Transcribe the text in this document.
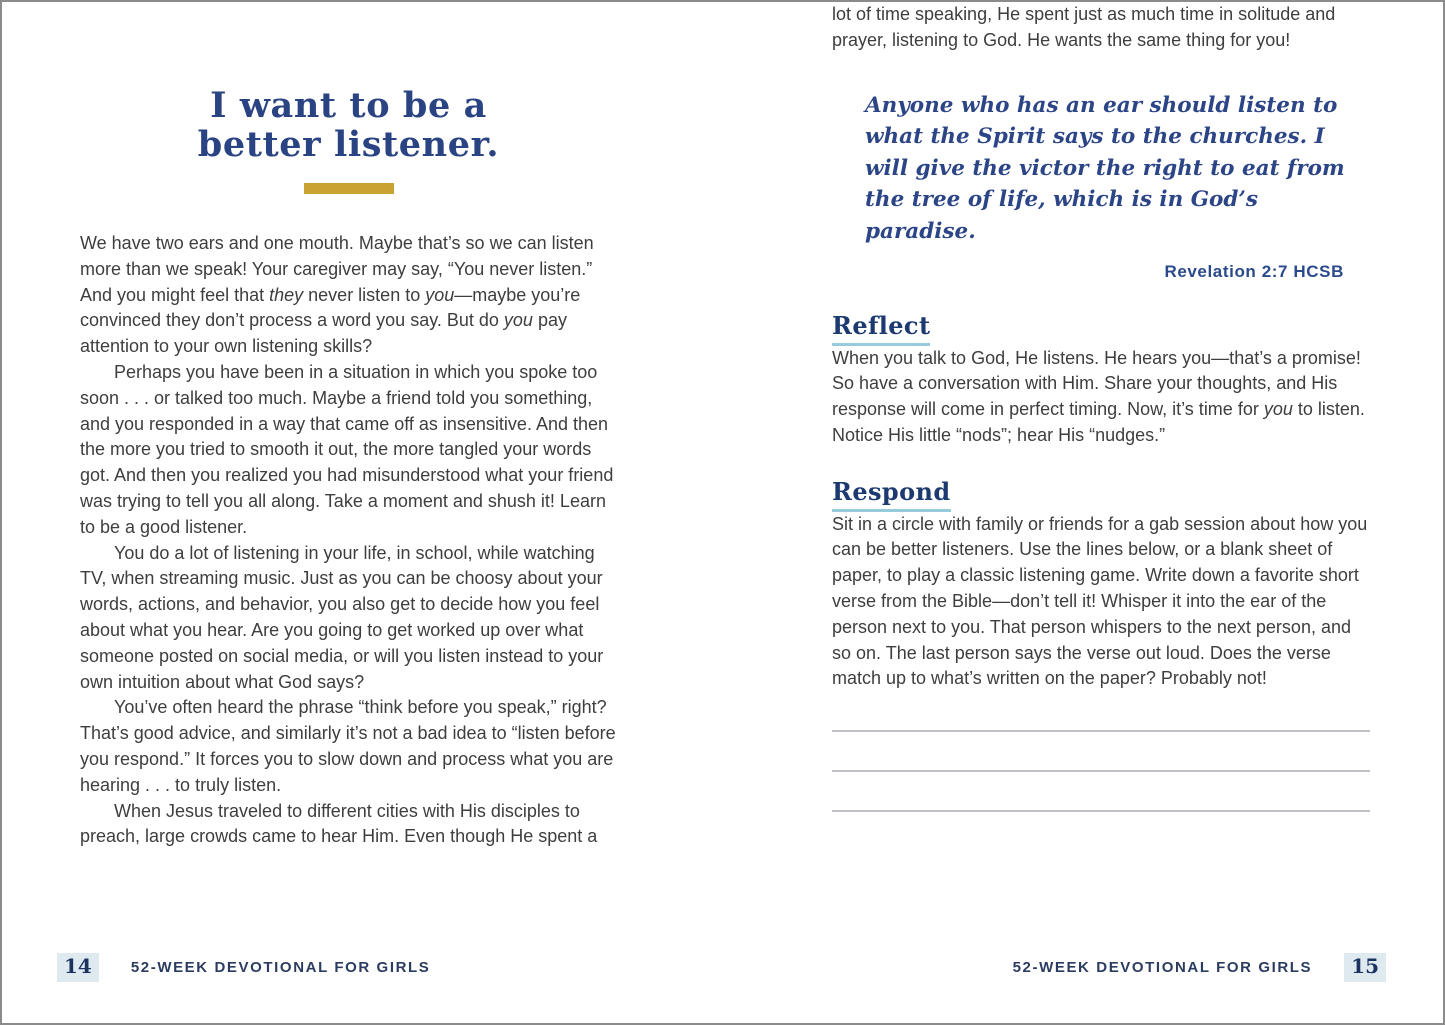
I want to be a
better listener.

We have two ears and one mouth. Maybe that’s so we can listen more than we speak! Your caregiver may say, “You never listen.” And you might feel that they never listen to you—maybe you’re convinced they don’t process a word you say. But do you pay attention to your own listening skills?

Perhaps you have been in a situation in which you spoke too soon . . . or talked too much. Maybe a friend told you something, and you responded in a way that came off as insensitive. And then the more you tried to smooth it out, the more tangled your words got. And then you realized you had misunderstood what your friend was trying to tell you all along. Take a moment and shush it! Learn to be a good listener.

You do a lot of listening in your life, in school, while watching TV, when streaming music. Just as you can be choosy about your words, actions, and behavior, you also get to decide how you feel about what you hear. Are you going to get worked up over what someone posted on social media, or will you listen instead to your own intuition about what God says?

You’ve often heard the phrase “think before you speak,” right? That’s good advice, and similarly it’s not a bad idea to “listen before you respond.” It forces you to slow down and process what you are hearing . . . to truly listen.

When Jesus traveled to different cities with His disciples to preach, large crowds came to hear Him. Even though He spent a

lot of time speaking, He spent just as much time in solitude and prayer, listening to God. He wants the same thing for you!

Anyone who has an ear should listen to what the Spirit says to the churches. I will give the victor the right to eat from the tree of life, which is in God’s paradise.
Revelation 2:7 HCSB
Reflect

When you talk to God, He listens. He hears you—that’s a promise! So have a conversation with Him. Share your thoughts, and His response will come in perfect timing. Now, it’s time for you to listen. Notice His little “nods”; hear His “nudges.”

Respond

Sit in a circle with family or friends for a gab session about how you can be better listeners. Use the lines below, or a blank sheet of paper, to play a classic listening game. Write down a favorite short verse from the Bible—don’t tell it! Whisper it into the ear of the person next to you. That person whispers to the next person, and so on. The last person says the verse out loud. Does the verse match up to what’s written on the paper? Probably not!

14	52-WEEK DEVOTIONAL FOR GIRLS	52-WEEK DEVOTIONAL FOR GIRLS	15
